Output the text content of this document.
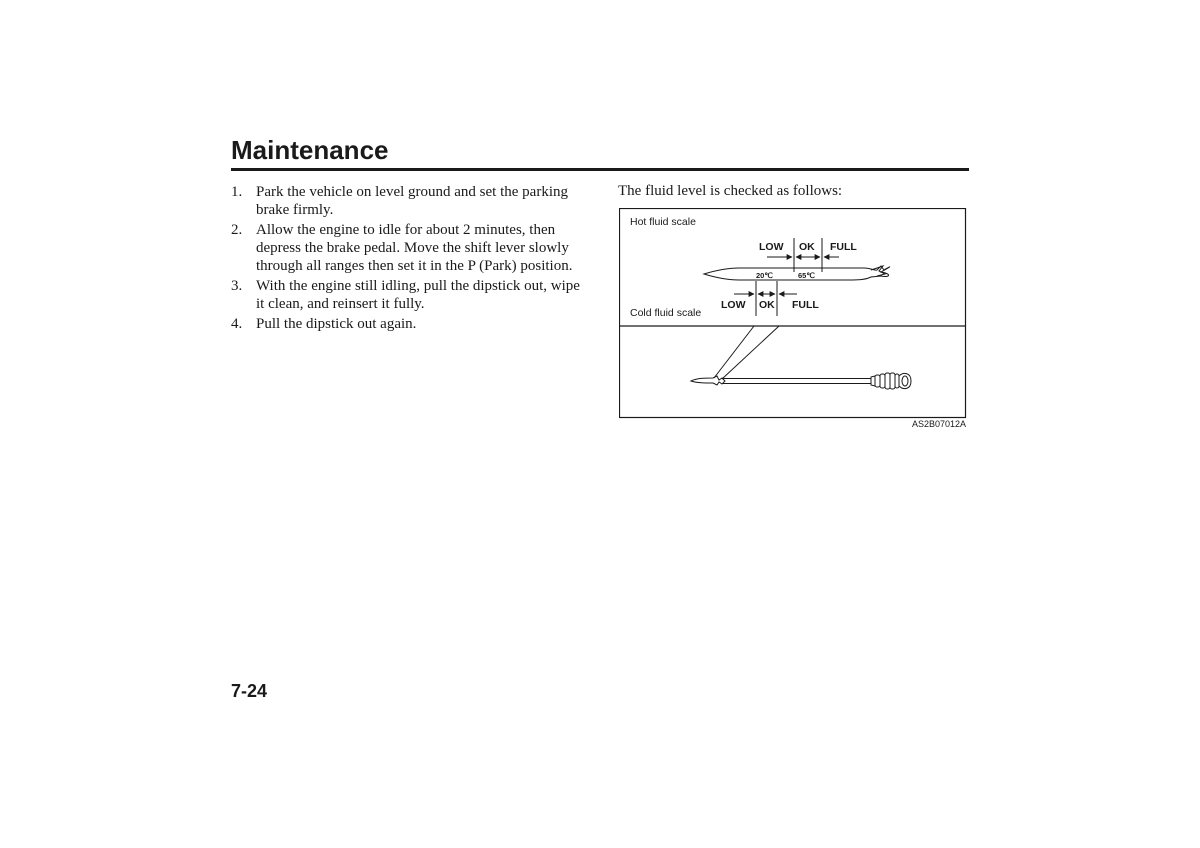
Maintenance
1. Park the vehicle on level ground and set the parking brake firmly.
2. Allow the engine to idle for about 2 minutes, then depress the brake pedal. Move the shift lever slowly through all ranges then set it in the P (Park) position.
3. With the engine still idling, pull the dipstick out, wipe it clean, and reinsert it fully.
4. Pull the dipstick out again.

The fluid level is checked as follows:

Hot fluid scale
Cold fluid scale
LOW OK FULL
20℃	65℃
LOW OK FULL
AS2B07012A
7-24
